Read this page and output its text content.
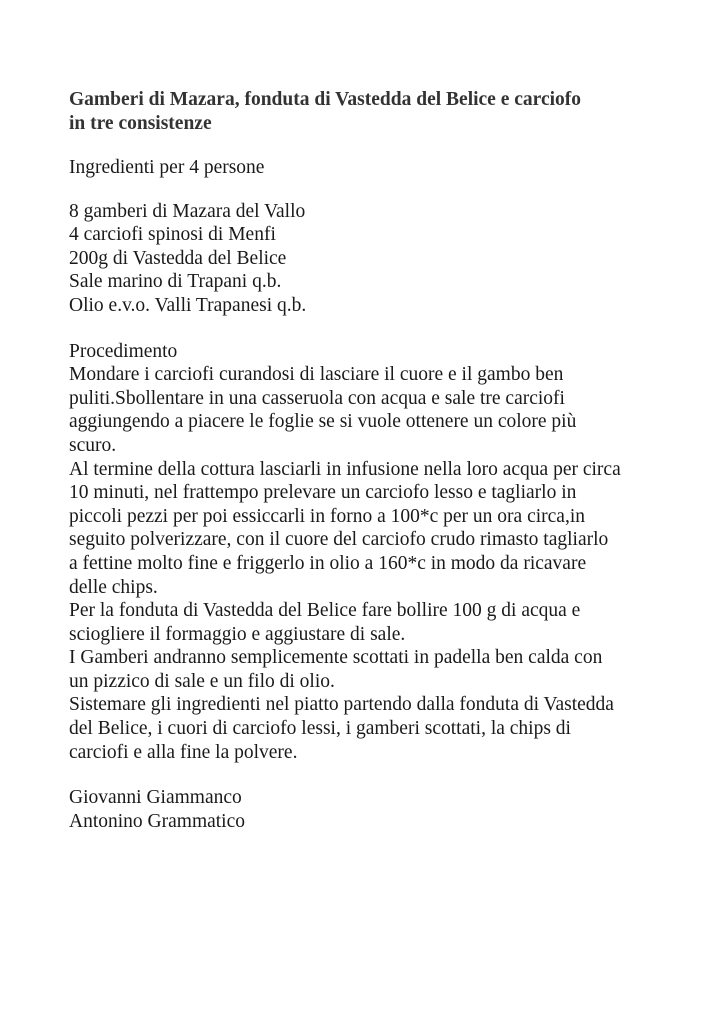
Gamberi di Mazara, fonduta di Vastedda del Belice e carciofo
in tre consistenze
Ingredienti per 4 persone
8 gamberi di Mazara del Vallo
4 carciofi spinosi di Menfi
200g di Vastedda del Belice
Sale marino di Trapani q.b.
Olio e.v.o. Valli Trapanesi q.b.
Procedimento
Mondare i carciofi curandosi di lasciare il cuore e il gambo ben
puliti.Sbollentare in una casseruola con acqua e sale tre carciofi
aggiungendo a piacere le foglie se si vuole ottenere un colore più
scuro.
Al termine della cottura lasciarli in infusione nella loro acqua per circa
10 minuti, nel frattempo prelevare un carciofo lesso e tagliarlo in
piccoli pezzi per poi essiccarli in forno a 100*c per un ora circa,in
seguito polverizzare, con il cuore del carciofo crudo rimasto tagliarlo
a fettine molto fine e friggerlo in olio a 160*c in modo da ricavare
delle chips.
Per la fonduta di Vastedda del Belice fare bollire 100 g di acqua e
sciogliere il formaggio e aggiustare di sale.
I Gamberi andranno semplicemente scottati in padella ben calda con
un pizzico di sale e un filo di olio.
Sistemare gli ingredienti nel piatto partendo dalla fonduta di Vastedda
del Belice, i cuori di carciofo lessi, i gamberi scottati, la chips di
carciofi e alla fine la polvere.
Giovanni Giammanco
Antonino Grammatico
